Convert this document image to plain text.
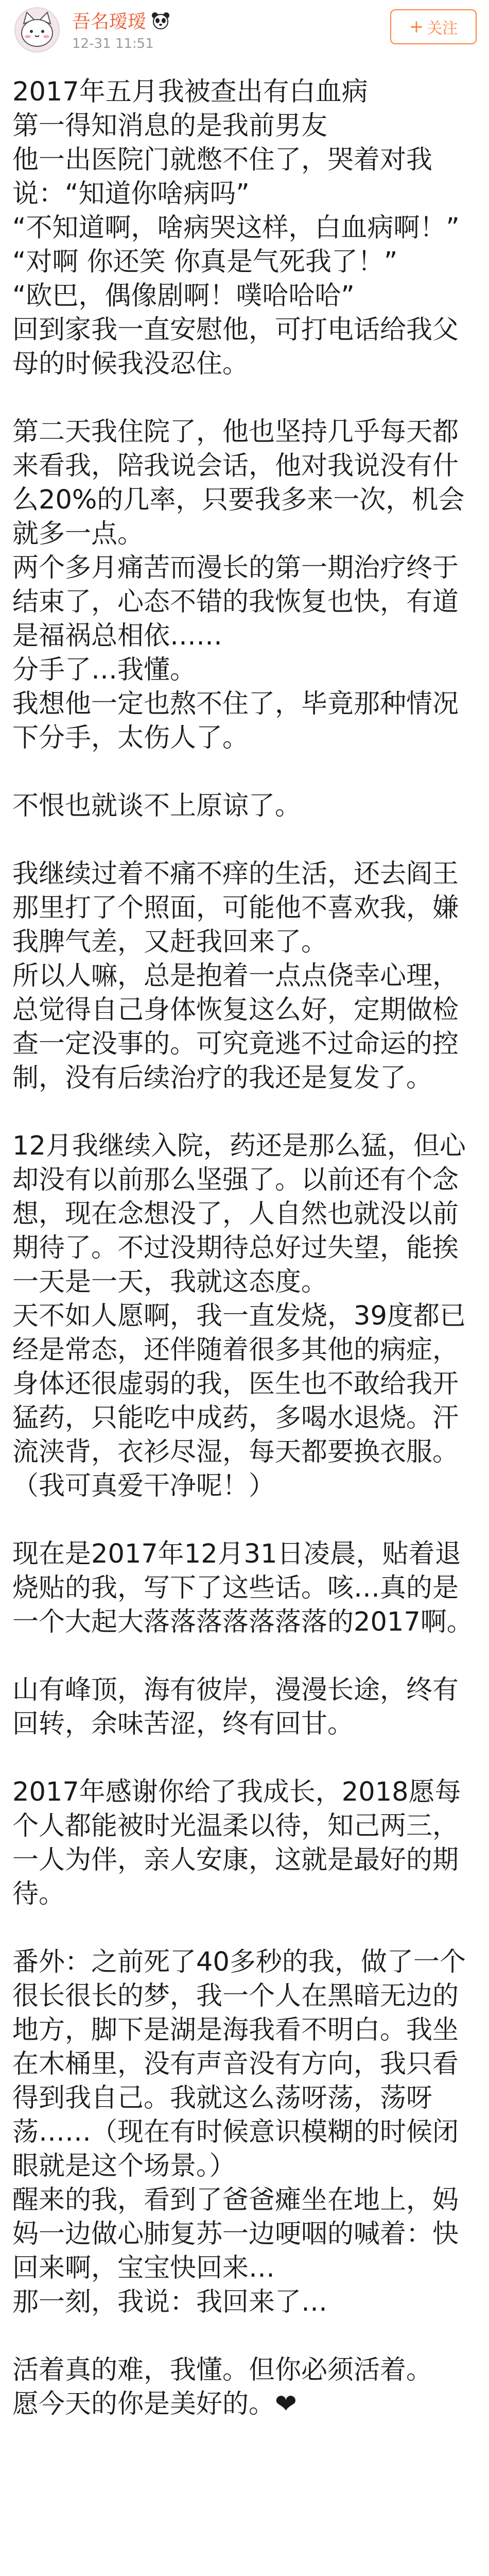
吾名瑷瑷
12-31 11:51
+ 关注

2017年五月我被查出有白血病

第一得知消息的是我前男友

他一出医院门就憋不住了，哭着对我说：“知道你啥病吗”

“不知道啊，啥病哭这样，白血病啊！”

“对啊 你还笑 你真是气死我了！”

“欧巴，偶像剧啊！噗哈哈哈”

回到家我一直安慰他，可打电话给我父母的时候我没忍住。

第二天我住院了，他也坚持几乎每天都来看我，陪我说会话，他对我说没有什么20%的几率，只要我多来一次，机会就多一点。

两个多月痛苦而漫长的第一期治疗终于结束了，心态不错的我恢复也快，有道是福祸总相依……

分手了…我懂。

我想他一定也熬不住了，毕竟那种情况下分手，太伤人了。

不恨也就谈不上原谅了。

我继续过着不痛不痒的生活，还去阎王那里打了个照面，可能他不喜欢我，嫌我脾气差，又赶我回来了。

所以人嘛，总是抱着一点点侥幸心理，总觉得自己身体恢复这么好，定期做检查一定没事的。可究竟逃不过命运的控制，没有后续治疗的我还是复发了。

12月我继续入院，药还是那么猛，但心却没有以前那么坚强了。以前还有个念想，现在念想没了，人自然也就没以前期待了。不过没期待总好过失望，能挨一天是一天，我就这态度。

天不如人愿啊，我一直发烧，39度都已经是常态，还伴随着很多其他的病症，身体还很虚弱的我，医生也不敢给我开猛药，只能吃中成药，多喝水退烧。汗流浃背，衣衫尽湿，每天都要换衣服。（我可真爱干净呢！）

现在是2017年12月31日凌晨，贴着退烧贴的我，写下了这些话。咳…真的是一个大起大落落落落落落落的2017啊。

山有峰顶，海有彼岸，漫漫长途，终有回转，余味苦涩，终有回甘。

2017年感谢你给了我成长，2018愿每个人都能被时光温柔以待，知己两三，一人为伴，亲人安康，这就是最好的期待。

番外：之前死了40多秒的我，做了一个很长很长的梦，我一个人在黑暗无边的地方，脚下是湖是海我看不明白。我坐在木桶里，没有声音没有方向，我只看得到我自己。我就这么荡呀荡，荡呀荡……（现在有时候意识模糊的时候闭眼就是这个场景。）

醒来的我，看到了爸爸瘫坐在地上，妈妈一边做心肺复苏一边哽咽的喊着：快回来啊，宝宝快回来…

那一刻，我说：我回来了…

活着真的难，我懂。但你必须活着。

愿今天的你是美好的。❤
